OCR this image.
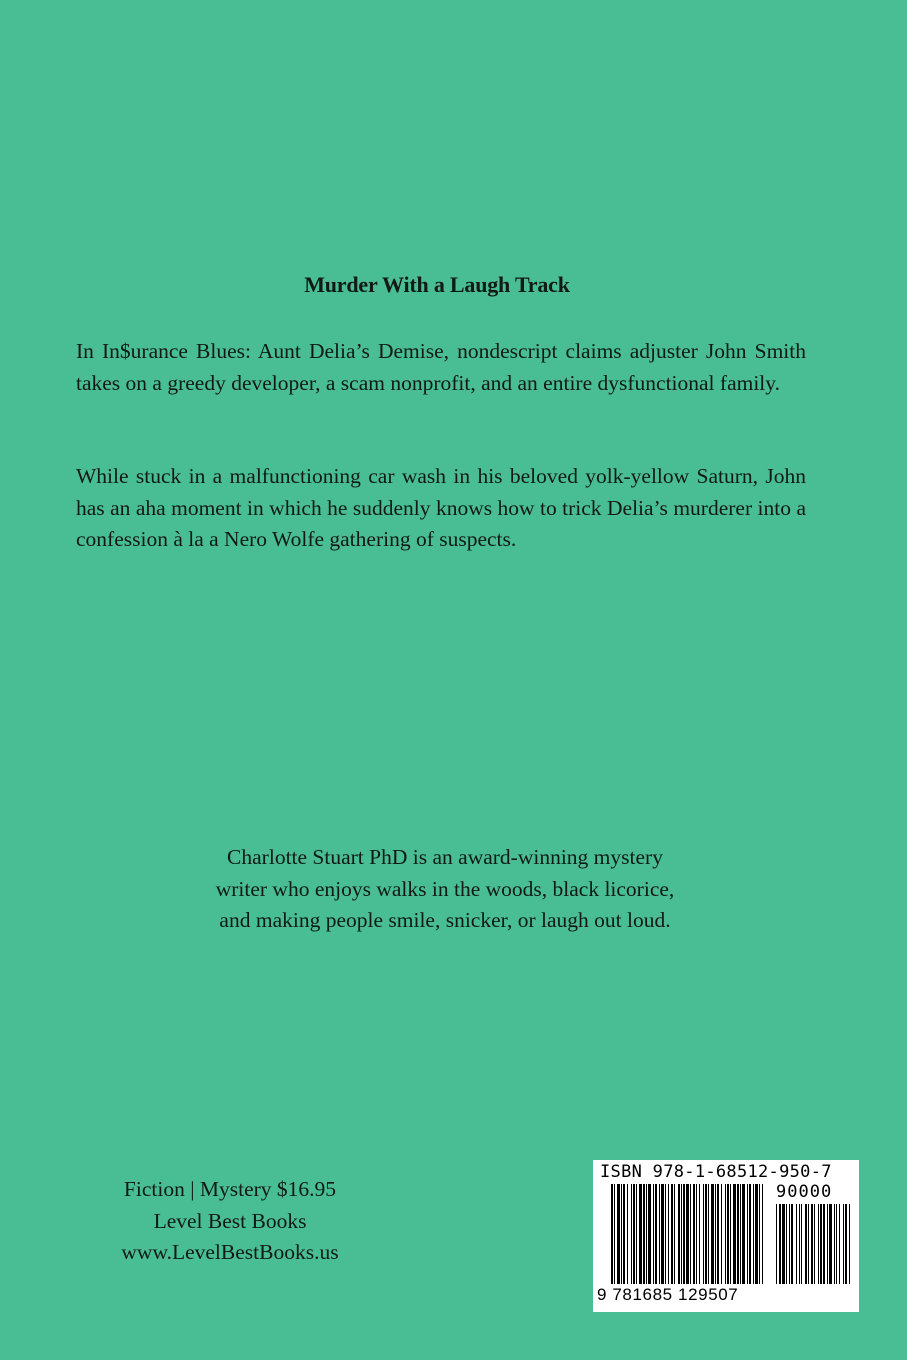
Murder With a Laugh Track

In In$urance Blues: Aunt Delia’s Demise, nondescript claims adjuster John Smith takes on a greedy developer, a scam nonprofit, and an entire dysfunctional family.

While stuck in a malfunctioning car wash in his beloved yolk-yellow Saturn, John has an aha moment in which he suddenly knows how to trick Delia’s murderer into a confession à la a Nero Wolfe gathering of suspects.

Charlotte Stuart PhD is an award-winning mystery
writer who enjoys walks in the woods, black licorice,
and making people smile, snicker, or laugh out loud.
Fiction | Mystery $16.95
Level Best Books
www.LevelBestBooks.us
ISBN 978-1-68512-950-7
90000
9 781685 129507
